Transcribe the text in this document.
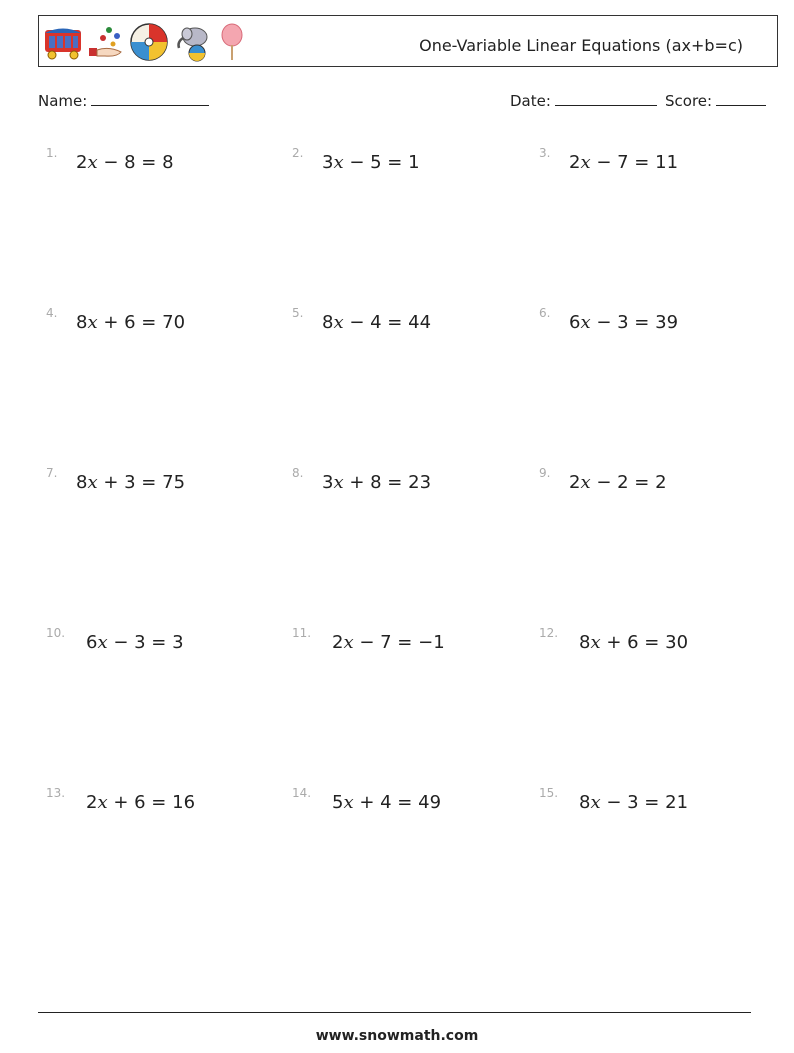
One-Variable Linear Equations (ax+b=c)
Name:	Date:	Score:
1. 2x − 8 = 8	2. 3x − 5 = 1	3. 2x − 7 = 11
4. 8x + 6 = 70	5. 8x − 4 = 44	6. 6x − 3 = 39
7. 8x + 3 = 75	8. 3x + 8 = 23	9. 2x − 2 = 2
10. 6x − 3 = 3	11. 2x − 7 = −1	12. 8x + 6 = 30
13. 2x + 6 = 16	14. 5x + 4 = 49	15. 8x − 3 = 21
www.snowmath.com
